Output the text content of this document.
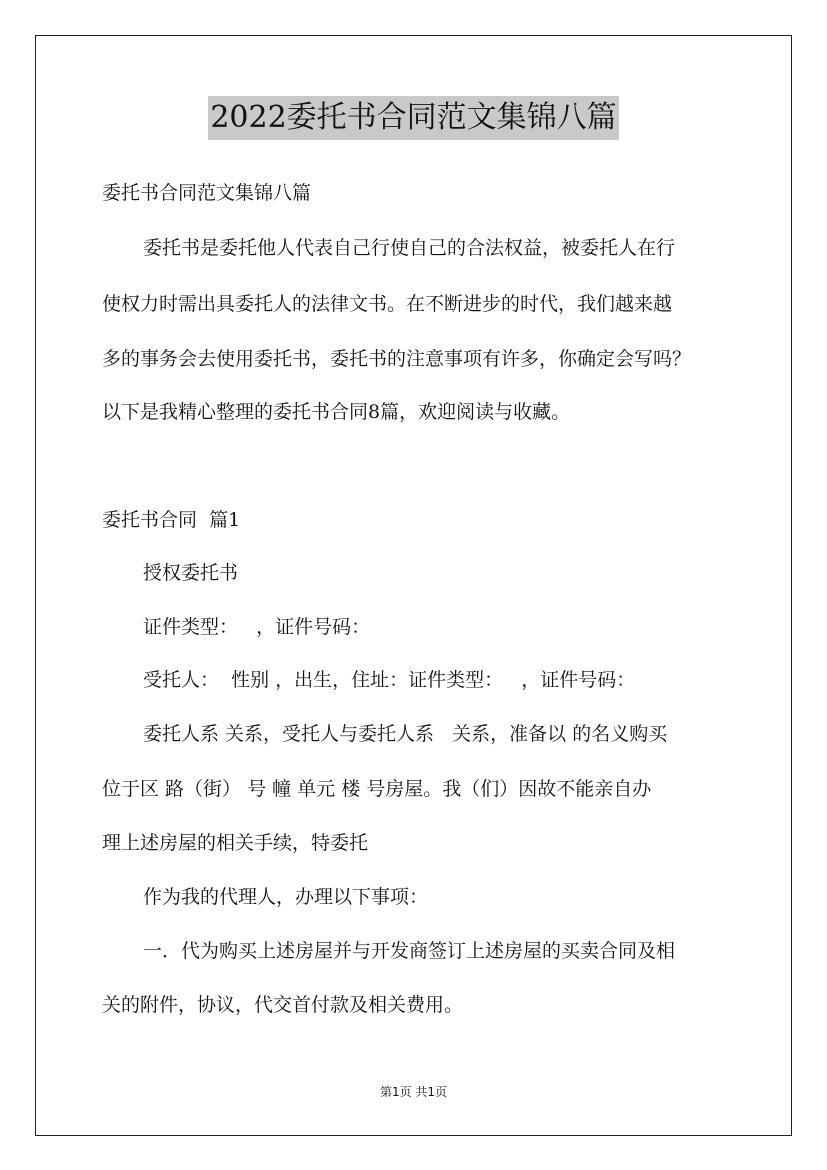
2022委托书合同范文集锦八篇
委托书合同范文集锦八篇
委托书是委托他人代表自己行使自己的合法权益，被委托人在行
使权力时需出具委托人的法律文书。在不断进步的时代，我们越来越
多的事务会去使用委托书，委托书的注意事项有许多，你确定会写吗？
以下是我精心整理的委托书合同8篇，欢迎阅读与收藏。
委托书合同  篇1
授权委托书
证件类型：   ，证件号码：
受托人：  性别 ，出生，住址：证件类型：   ，证件号码：
委托人系 关系，受托人与委托人系   关系，准备以 的名义购买
位于区 路（街） 号 幢 单元 楼 号房屋。我（们）因故不能亲自办
理上述房屋的相关手续，特委托
作为我的代理人，办理以下事项：
一．代为购买上述房屋并与开发商签订上述房屋的买卖合同及相
关的附件，协议，代交首付款及相关费用。
第1页 共1页
